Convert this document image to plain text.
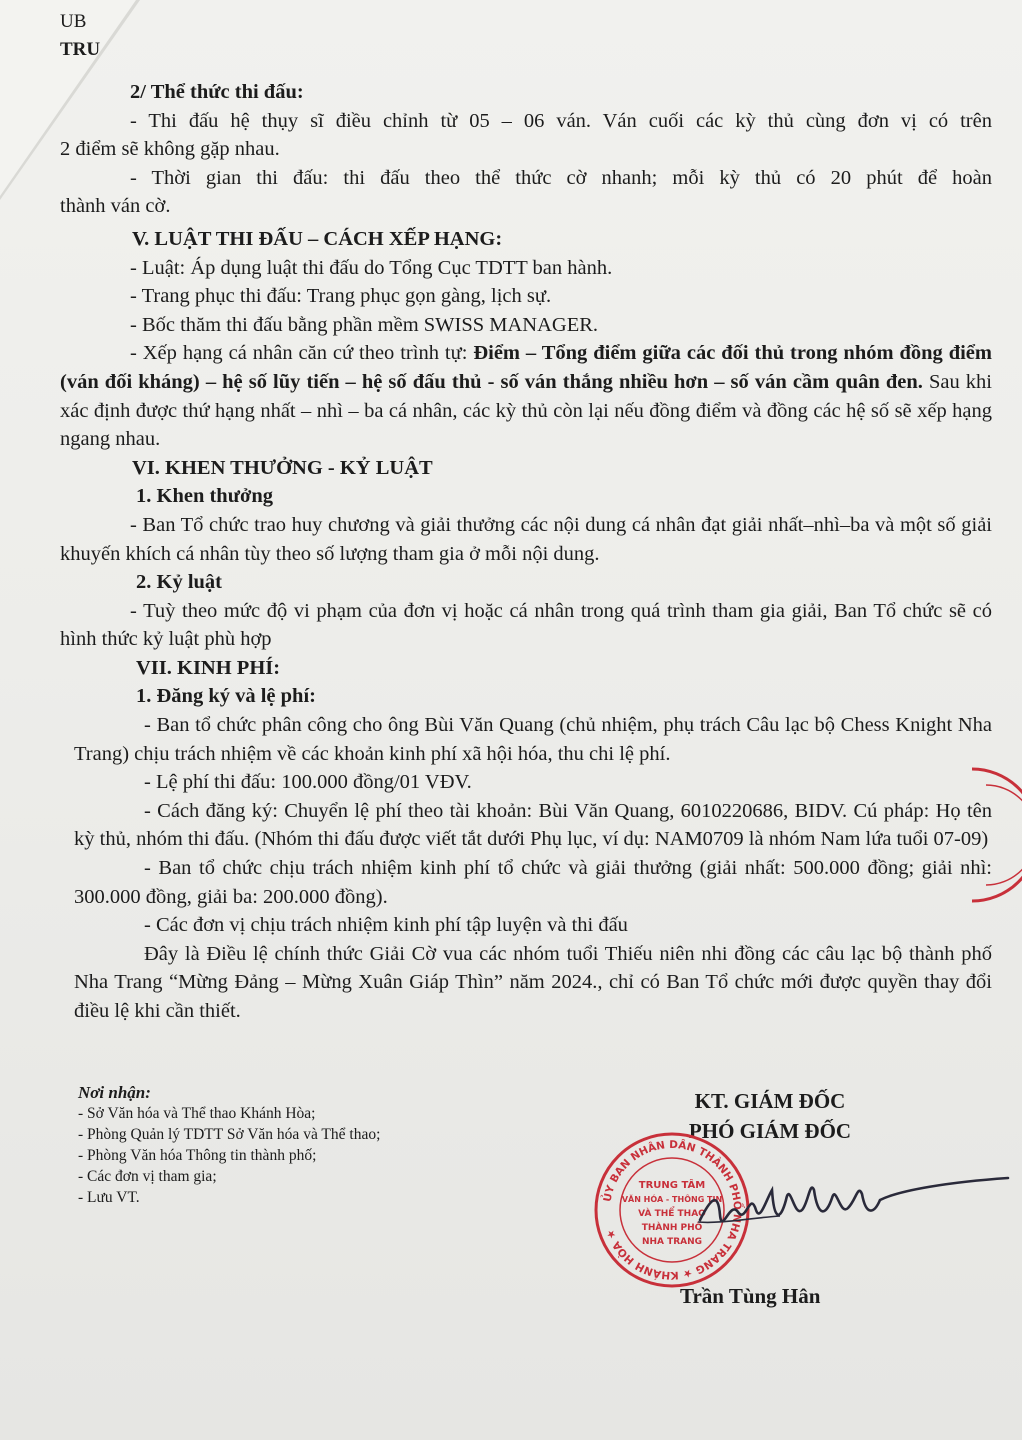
UB
TRU

2/ Thể thức thi đấu:

- Thi đấu hệ thụy sĩ điều chỉnh từ 05 – 06 ván. Ván cuối các kỳ thủ cùng đơn vị có trên

2 điểm sẽ không gặp nhau.

- Thời gian thi đấu: thi đấu theo thể thức cờ nhanh; mỗi kỳ thủ có 20 phút để hoàn

thành ván cờ.

V. LUẬT THI ĐẤU – CÁCH XẾP HẠNG:

- Luật: Áp dụng luật thi đấu do Tổng Cục TDTT ban hành.

- Trang phục thi đấu: Trang phục gọn gàng, lịch sự.

- Bốc thăm thi đấu bằng phần mềm SWISS MANAGER.

- Xếp hạng cá nhân căn cứ theo trình tự: Điểm – Tổng điểm giữa các đối thủ trong nhóm đồng điểm (ván đối kháng) – hệ số lũy tiến – hệ số đấu thủ - số ván thắng nhiều hơn – số ván cầm quân đen. Sau khi xác định được thứ hạng nhất – nhì – ba cá nhân, các kỳ thủ còn lại nếu đồng điểm và đồng các hệ số sẽ xếp hạng ngang nhau.

VI. KHEN THƯỞNG - KỶ LUẬT

1. Khen thưởng

- Ban Tổ chức trao huy chương và giải thưởng các nội dung cá nhân đạt giải nhất–nhì–ba và một số giải khuyến khích cá nhân tùy theo số lượng tham gia ở mỗi nội dung.

2. Kỷ luật

- Tuỳ theo mức độ vi phạm của đơn vị hoặc cá nhân trong quá trình tham gia giải, Ban Tổ chức sẽ có hình thức kỷ luật phù hợp

VII. KINH PHÍ:

1. Đăng ký và lệ phí:

- Ban tổ chức phân công cho ông Bùi Văn Quang (chủ nhiệm, phụ trách Câu lạc bộ Chess Knight Nha Trang) chịu trách nhiệm về các khoản kinh phí xã hội hóa, thu chi lệ phí.

- Lệ phí thi đấu: 100.000 đồng/01 VĐV.

- Cách đăng ký: Chuyển lệ phí theo tài khoản: Bùi Văn Quang, 6010220686, BIDV. Cú pháp: Họ tên kỳ thủ, nhóm thi đấu. (Nhóm thi đấu được viết tắt dưới Phụ lục, ví dụ: NAM0709 là nhóm Nam lứa tuổi 07-09)

- Ban tổ chức chịu trách nhiệm kinh phí tổ chức và giải thưởng (giải nhất: 500.000 đồng; giải nhì: 300.000 đồng, giải ba: 200.000 đồng).

- Các đơn vị chịu trách nhiệm kinh phí tập luyện và thi đấu

Đây là Điều lệ chính thức Giải Cờ vua các nhóm tuổi Thiếu niên nhi đồng các câu lạc bộ thành phố Nha Trang “Mừng Đảng – Mừng Xuân Giáp Thìn” năm 2024., chỉ có Ban Tổ chức mới được quyền thay đổi điều lệ khi cần thiết.

Nơi nhận:
- Sở Văn hóa và Thể thao Khánh Hòa;
- Phòng Quản lý TDTT Sở Văn hóa và Thể thao;
- Phòng Văn hóa Thông tin thành phố;
- Các đơn vị tham gia;
- Lưu VT.
KT. GIÁM ĐỐC
PHÓ GIÁM ĐỐC
ỦY BAN NHÂN DÂN THÀNH PHỐ NHA TRANG ★ KHÁNH HÒA ★
TRUNG TÂM
VĂN HÓA - THÔNG TIN
VÀ THỂ THAO
THÀNH PHỐ
NHA TRANG
Trần Tùng Hân
